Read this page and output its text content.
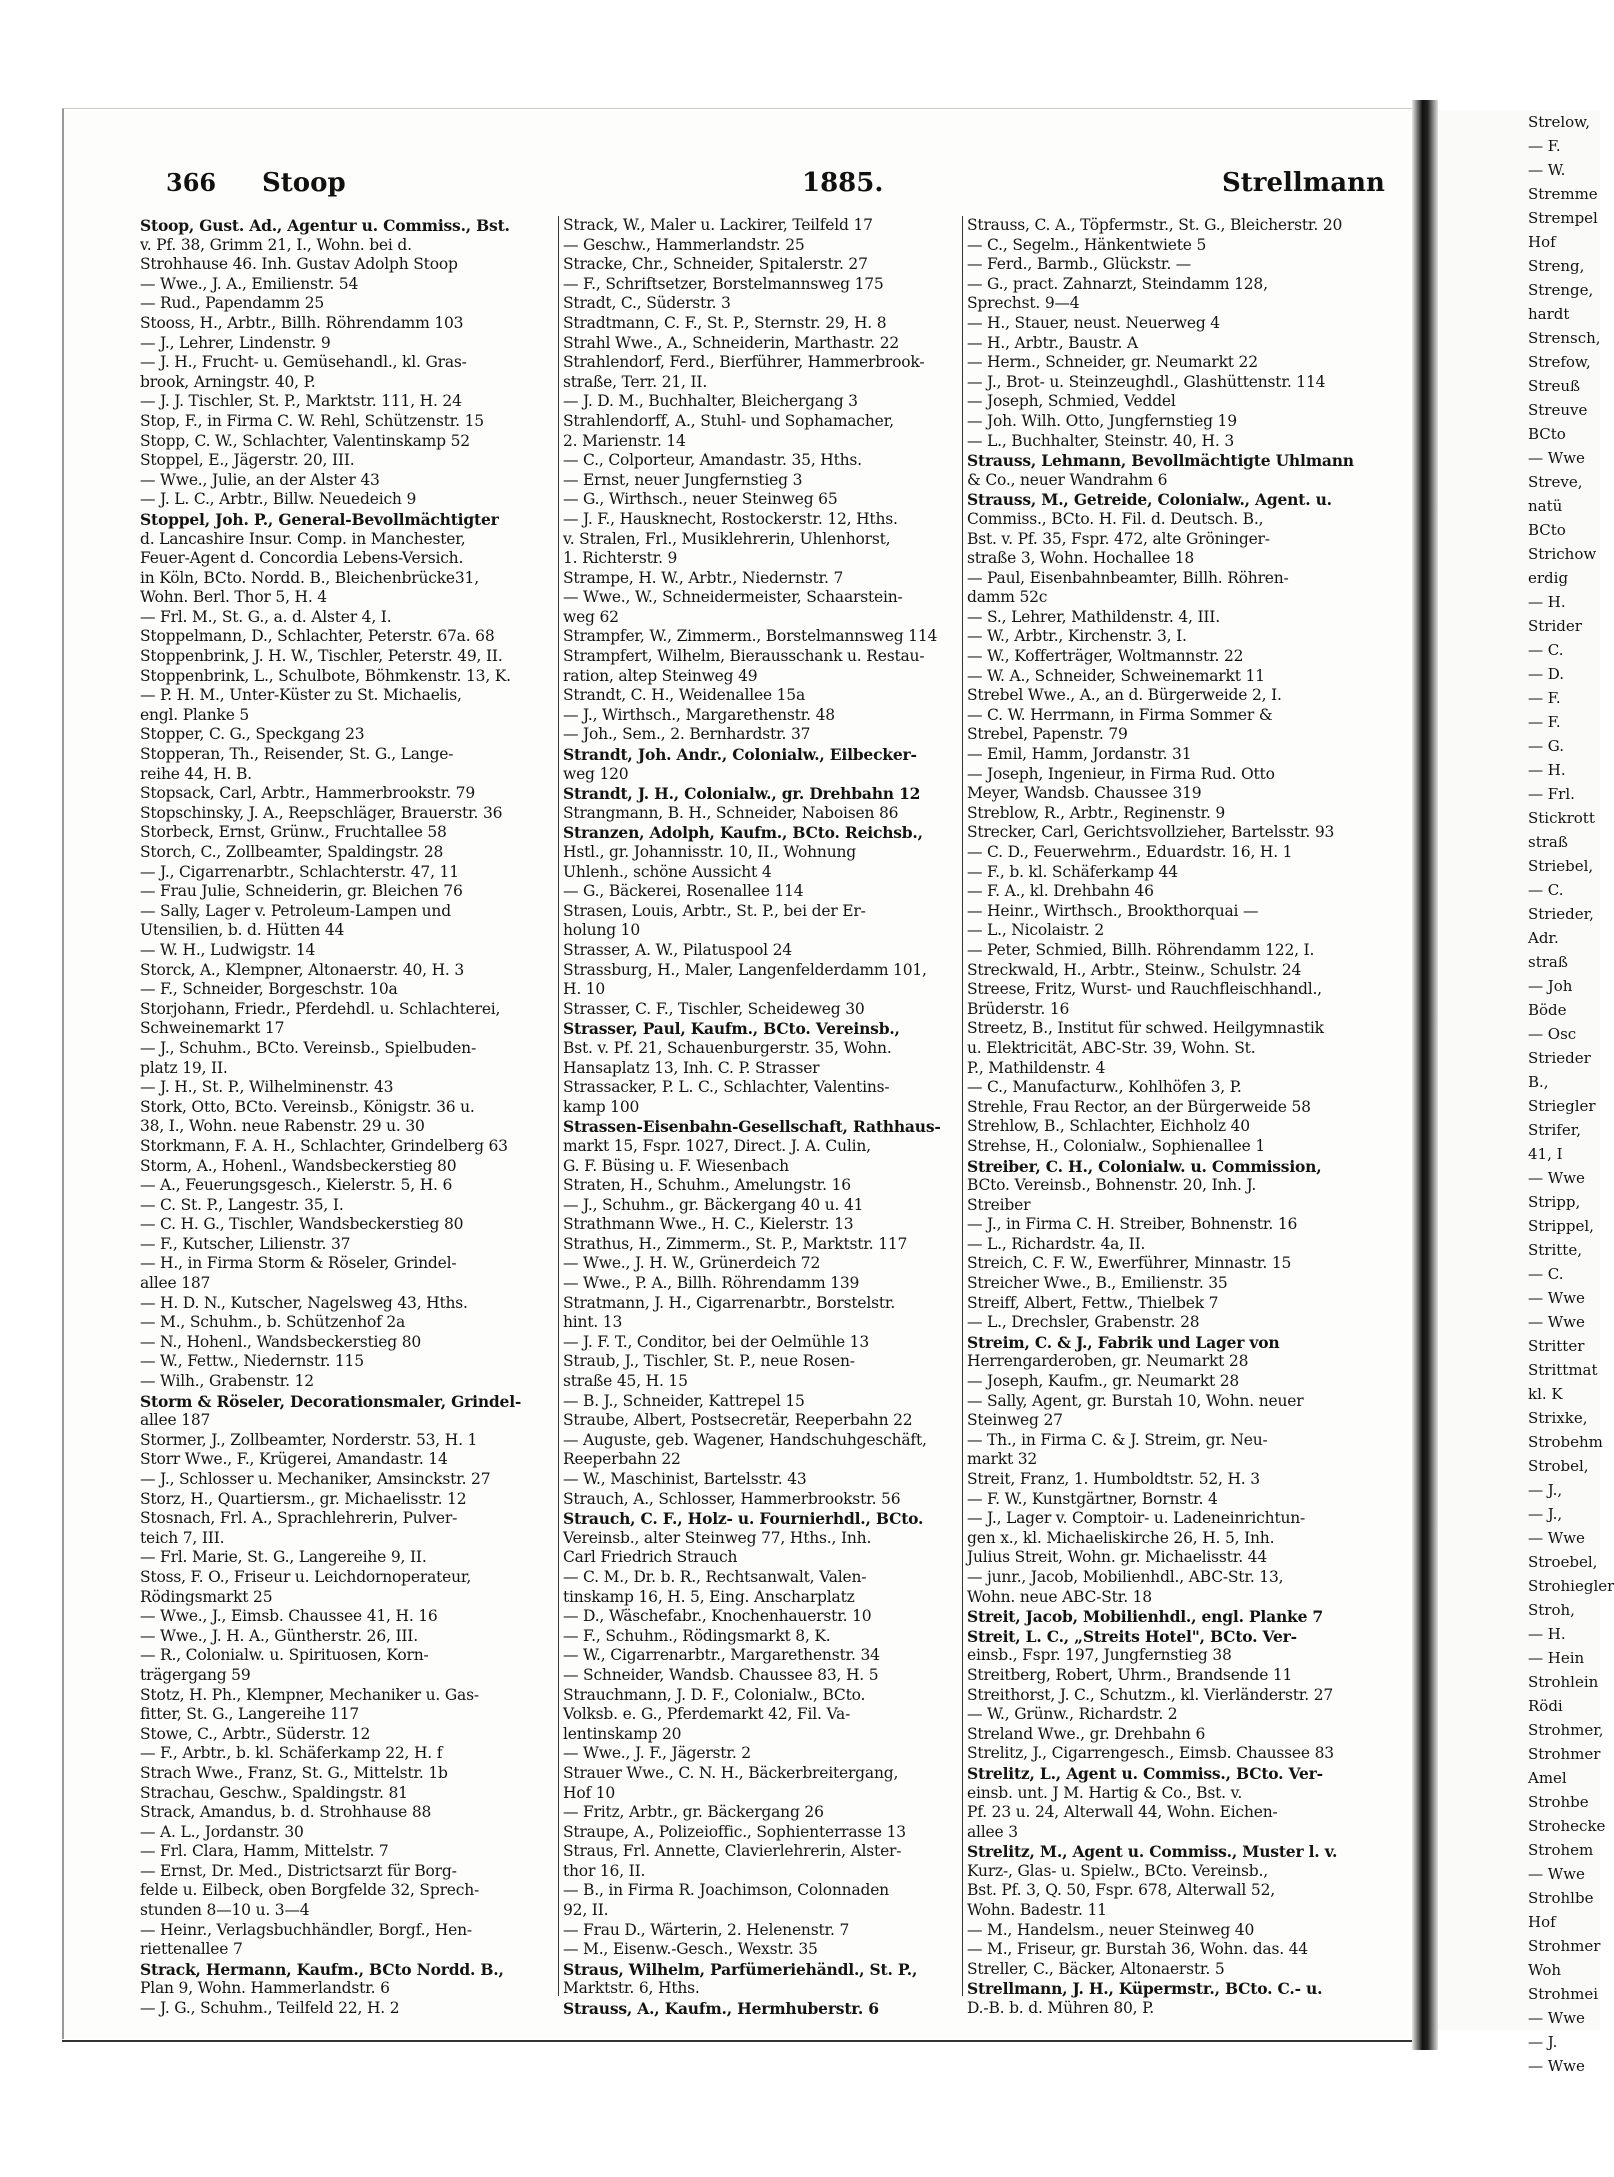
Strelow,
— F.
— W.
Stremme
Strempel
Hof
Streng,
Strenge,
hardt
Strensch,
Strefow,
Streuß
Streuve
BCto
— Wwe
Streve,
natü
BCto
Strichow
erdig
— H.
Strider
— C.
— D.
— F.
— F.
— G.
— H.
— Frl.
Stickrott
straß
Striebel,
— C.
Strieder,
Adr.
straß
— Joh
Böde
— Osc
Strieder
B.,
Striegler
Strifer,
41, I
— Wwe
Stripp,
Strippel,
Stritte,
— C.
— Wwe
— Wwe
Stritter
Strittmat
kl. K
Strixke,
Strobehm
Strobel,
— J.,
— J.,
— Wwe
Stroebel,
Strohiegler
Stroh,
— H.
— Hein
Strohlein
Rödi
Strohmer,
Strohmer
Amel
Strohbe
Strohecke
Strohem
— Wwe
Strohlbe
Hof
Strohmer
Woh
Strohmei
— Wwe
— J.
— Wwe
366 Stoop	1885.	Strellmann
Stoop, Gust. Ad., Agentur u. Commiss., Bst.
v. Pf. 38, Grimm 21, I., Wohn. bei d.
Strohhause 46. Inh. Gustav Adolph Stoop
— Wwe., J. A., Emilienstr. 54
— Rud., Papendamm 25
Stooss, H., Arbtr., Billh. Röhrendamm 103
— J., Lehrer, Lindenstr. 9
— J. H., Frucht- u. Gemüsehandl., kl. Gras-
brook, Arningstr. 40, P.
— J. J. Tischler, St. P., Marktstr. 111, H. 24
Stop, F., in Firma C. W. Rehl, Schützenstr. 15
Stopp, C. W., Schlachter, Valentinskamp 52
Stoppel, E., Jägerstr. 20, III.
— Wwe., Julie, an der Alster 43
— J. L. C., Arbtr., Billw. Neuedeich 9
Stoppel, Joh. P., General-Bevollmächtigter
d. Lancashire Insur. Comp. in Manchester,
Feuer-Agent d. Concordia Lebens-Versich.
in Köln, BCto. Nordd. B., Bleichenbrücke31,
Wohn. Berl. Thor 5, H. 4
— Frl. M., St. G., a. d. Alster 4, I.
Stoppelmann, D., Schlachter, Peterstr. 67a. 68
Stoppenbrink, J. H. W., Tischler, Peterstr. 49, II.
Stoppenbrink, L., Schulbote, Böhmkenstr. 13, K.
— P. H. M., Unter-Küster zu St. Michaelis,
engl. Planke 5
Stopper, C. G., Speckgang 23
Stopperan, Th., Reisender, St. G., Lange-
reihe 44, H. B.
Stopsack, Carl, Arbtr., Hammerbrookstr. 79
Stopschinsky, J. A., Reepschläger, Brauerstr. 36
Storbeck, Ernst, Grünw., Fruchtallee 58
Storch, C., Zollbeamter, Spaldingstr. 28
— J., Cigarrenarbtr., Schlachterstr. 47, 11
— Frau Julie, Schneiderin, gr. Bleichen 76
— Sally, Lager v. Petroleum-Lampen und
Utensilien, b. d. Hütten 44
— W. H., Ludwigstr. 14
Storck, A., Klempner, Altonaerstr. 40, H. 3
— F., Schneider, Borgeschstr. 10a
Storjohann, Friedr., Pferdehdl. u. Schlachterei,
Schweinemarkt 17
— J., Schuhm., BCto. Vereinsb., Spielbuden-
platz 19, II.
— J. H., St. P., Wilhelminenstr. 43
Stork, Otto, BCto. Vereinsb., Königstr. 36 u.
38, I., Wohn. neue Rabenstr. 29 u. 30
Storkmann, F. A. H., Schlachter, Grindelberg 63
Storm, A., Hohenl., Wandsbeckerstieg 80
— A., Feuerungsgesch., Kielerstr. 5, H. 6
— C. St. P., Langestr. 35, I.
— C. H. G., Tischler, Wandsbeckerstieg 80
— F., Kutscher, Lilienstr. 37
— H., in Firma Storm & Röseler, Grindel-
allee 187
— H. D. N., Kutscher, Nagelsweg 43, Hths.
— M., Schuhm., b. Schützenhof 2a
— N., Hohenl., Wandsbeckerstieg 80
— W., Fettw., Niedernstr. 115
— Wilh., Grabenstr. 12
Storm & Röseler, Decorationsmaler, Grindel-
allee 187
Stormer, J., Zollbeamter, Norderstr. 53, H. 1
Storr Wwe., F., Krügerei, Amandastr. 14
— J., Schlosser u. Mechaniker, Amsinckstr. 27
Storz, H., Quartiersm., gr. Michaelisstr. 12
Stosnach, Frl. A., Sprachlehrerin, Pulver-
teich 7, III.
— Frl. Marie, St. G., Langereihe 9, II.
Stoss, F. O., Friseur u. Leichdornoperateur,
Rödingsmarkt 25
— Wwe., J., Eimsb. Chaussee 41, H. 16
— Wwe., J. H. A., Güntherstr. 26, III.
— R., Colonialw. u. Spirituosen, Korn-
trägergang 59
Stotz, H. Ph., Klempner, Mechaniker u. Gas-
fitter, St. G., Langereihe 117
Stowe, C., Arbtr., Süderstr. 12
— F., Arbtr., b. kl. Schäferkamp 22, H. f
Strach Wwe., Franz, St. G., Mittelstr. 1b
Strachau, Geschw., Spaldingstr. 81
Strack, Amandus, b. d. Strohhause 88
— A. L., Jordanstr. 30
— Frl. Clara, Hamm, Mittelstr. 7
— Ernst, Dr. Med., Districtsarzt für Borg-
felde u. Eilbeck, oben Borgfelde 32, Sprech-
stunden 8—10 u. 3—4
— Heinr., Verlagsbuchhändler, Borgf., Hen-
riettenallee 7
Strack, Hermann, Kaufm., BCto Nordd. B.,
Plan 9, Wohn. Hammerlandstr. 6
— J. G., Schuhm., Teilfeld 22, H. 2
Strack, W., Maler u. Lackirer, Teilfeld 17
— Geschw., Hammerlandstr. 25
Stracke, Chr., Schneider, Spitalerstr. 27
— F., Schriftsetzer, Borstelmannsweg 175
Stradt, C., Süderstr. 3
Stradtmann, C. F., St. P., Sternstr. 29, H. 8
Strahl Wwe., A., Schneiderin, Marthastr. 22
Strahlendorf, Ferd., Bierführer, Hammerbrook-
straße, Terr. 21, II.
— J. D. M., Buchhalter, Bleichergang 3
Strahlendorff, A., Stuhl- und Sophamacher,
2. Marienstr. 14
— C., Colporteur, Amandastr. 35, Hths.
— Ernst, neuer Jungfernstieg 3
— G., Wirthsch., neuer Steinweg 65
— J. F., Hausknecht, Rostockerstr. 12, Hths.
v. Stralen, Frl., Musiklehrerin, Uhlenhorst,
1. Richterstr. 9
Strampe, H. W., Arbtr., Niedernstr. 7
— Wwe., W., Schneidermeister, Schaarstein-
weg 62
Strampfer, W., Zimmerm., Borstelmannsweg 114
Strampfert, Wilhelm, Bierausschank u. Restau-
ration, altер Steinweg 49
Strandt, C. H., Weidenallee 15a
— J., Wirthsch., Margarethenstr. 48
— Joh., Sem., 2. Bernhardstr. 37
Strandt, Joh. Andr., Colonialw., Eilbecker-
weg 120
Strandt, J. H., Colonialw., gr. Drehbahn 12
Strangmann, B. H., Schneider, Naboisen 86
Stranzen, Adolph, Kaufm., BCto. Reichsb.,
Hstl., gr. Johannisstr. 10, II., Wohnung
Uhlenh., schöne Aussicht 4
— G., Bäckerei, Rosenallee 114
Strasen, Louis, Arbtr., St. P., bei der Er-
holung 10
Strasser, A. W., Pilatuspool 24
Strassburg, H., Maler, Langenfelderdamm 101,
H. 10
Strasser, C. F., Tischler, Scheideweg 30
Strasser, Paul, Kaufm., BCto. Vereinsb.,
Bst. v. Pf. 21, Schauenburgerstr. 35, Wohn.
Hansaplatz 13, Inh. C. P. Strasser
Strassacker, P. L. C., Schlachter, Valentins-
kamp 100
Strassen-Eisenbahn-Gesellschaft, Rathhaus-
markt 15, Fspr. 1027, Direct. J. A. Culin,
G. F. Büsing u. F. Wiesenbach
Straten, H., Schuhm., Amelungstr. 16
— J., Schuhm., gr. Bäckergang 40 u. 41
Strathmann Wwe., H. C., Kielerstr. 13
Strathus, H., Zimmerm., St. P., Marktstr. 117
— Wwe., J. H. W., Grünerdeich 72
— Wwe., P. A., Billh. Röhrendamm 139
Stratmann, J. H., Cigarrenarbtr., Borstelstr.
hint. 13
— J. F. T., Conditor, bei der Oelmühle 13
Straub, J., Tischler, St. P., neue Rosen-
straße 45, H. 15
— B. J., Schneider, Kattrepel 15
Straube, Albert, Postsecretär, Reeperbahn 22
— Auguste, geb. Wagener, Handschuhgeschäft,
Reeperbahn 22
— W., Maschinist, Bartelsstr. 43
Strauch, A., Schlosser, Hammerbrookstr. 56
Strauch, C. F., Holz- u. Fournierhdl., BCto.
Vereinsb., alter Steinweg 77, Hths., Inh.
Carl Friedrich Strauch
— C. M., Dr. b. R., Rechtsanwalt, Valen-
tinskamp 16, H. 5, Eing. Anscharplatz
— D., Wäschefabr., Knochenhauerstr. 10
— F., Schuhm., Rödingsmarkt 8, K.
— W., Cigarrenarbtr., Margarethenstr. 34
— Schneider, Wandsb. Chaussee 83, H. 5
Strauchmann, J. D. F., Colonialw., BCto.
Volksb. e. G., Pferdemarkt 42, Fil. Va-
lentinskamp 20
— Wwe., J. F., Jägerstr. 2
Strauer Wwe., C. N. H., Bäckerbreitergang,
Hof 10
— Fritz, Arbtr., gr. Bäckergang 26
Straupe, A., Polizeioffic., Sophienterrasse 13
Straus, Frl. Annette, Clavierlehrerin, Alster-
thor 16, II.
— B., in Firma R. Joachimson, Colonnaden
92, II.
— Frau D., Wärterin, 2. Helenenstr. 7
— M., Eisenw.-Gesch., Wexstr. 35
Straus, Wilhelm, Parfümeriehändl., St. P.,
Marktstr. 6, Hths.
Strauss, A., Kaufm., Hermhuberstr. 6
Strauss, C. A., Töpfermstr., St. G., Bleicherstr. 20
— C., Segelm., Hänkentwiete 5
— Ferd., Barmb., Glückstr. —
— G., pract. Zahnarzt, Steindamm 128,
Sprechst. 9—4
— H., Stauer, neust. Neuerweg 4
— H., Arbtr., Baustr. A
— Herm., Schneider, gr. Neumarkt 22
— J., Brot- u. Steinzeughdl., Glashüttenstr. 114
— Joseph, Schmied, Veddel
— Joh. Wilh. Otto, Jungfernstieg 19
— L., Buchhalter, Steinstr. 40, H. 3
Strauss, Lehmann, Bevollmächtigte Uhlmann
& Co., neuer Wandrahm 6
Strauss, M., Getreide, Colonialw., Agent. u.
Commiss., BCto. H. Fil. d. Deutsch. B.,
Bst. v. Pf. 35, Fspr. 472, alte Gröninger-
straße 3, Wohn. Hochallee 18
— Paul, Eisenbahnbeamter, Billh. Röhren-
damm 52c
— S., Lehrer, Mathildenstr. 4, III.
— W., Arbtr., Kirchenstr. 3, I.
— W., Kofferträger, Woltmannstr. 22
— W. A., Schneider, Schweinemarkt 11
Strebel Wwe., A., an d. Bürgerweide 2, I.
— C. W. Herrmann, in Firma Sommer &
Strebel, Papenstr. 79
— Emil, Hamm, Jordanstr. 31
— Joseph, Ingenieur, in Firma Rud. Otto
Meyer, Wandsb. Chaussee 319
Streblow, R., Arbtr., Reginenstr. 9
Strecker, Carl, Gerichtsvollzieher, Bartelsstr. 93
— C. D., Feuerwehrm., Eduardstr. 16, H. 1
— F., b. kl. Schäferkamp 44
— F. A., kl. Drehbahn 46
— Heinr., Wirthsch., Brookthorquai —
— L., Nicolaistr. 2
— Peter, Schmied, Billh. Röhrendamm 122, I.
Streckwald, H., Arbtr., Steinw., Schulstr. 24
Streese, Fritz, Wurst- und Rauchfleischhandl.,
Brüderstr. 16
Streetz, B., Institut für schwed. Heilgymnastik
u. Elektricität, ABC-Str. 39, Wohn. St.
P., Mathildenstr. 4
— C., Manufacturw., Kohlhöfen 3, P.
Strehle, Frau Rector, an der Bürgerweide 58
Strehlow, B., Schlachter, Eichholz 40
Strehse, H., Colonialw., Sophienallee 1
Streiber, C. H., Colonialw. u. Commission,
BCto. Vereinsb., Bohnenstr. 20, Inh. J.
Streiber
— J., in Firma C. H. Streiber, Bohnenstr. 16
— L., Richardstr. 4a, II.
Streich, C. F. W., Ewerführer, Minnastr. 15
Streicher Wwe., B., Emilienstr. 35
Streiff, Albert, Fettw., Thielbek 7
— L., Drechsler, Grabenstr. 28
Streim, C. & J., Fabrik und Lager von
Herrengarderoben, gr. Neumarkt 28
— Joseph, Kaufm., gr. Neumarkt 28
— Sally, Agent, gr. Burstah 10, Wohn. neuer
Steinweg 27
— Th., in Firma C. & J. Streim, gr. Neu-
markt 32
Streit, Franz, 1. Humboldtstr. 52, H. 3
— F. W., Kunstgärtner, Bornstr. 4
— J., Lager v. Comptoir- u. Ladeneinrichtun-
gen x., kl. Michaeliskirche 26, H. 5, Inh.
Julius Streit, Wohn. gr. Michaelisstr. 44
— junr., Jacob, Mobilienhdl., ABC-Str. 13,
Wohn. neue ABC-Str. 18
Streit, Jacob, Mobilienhdl., engl. Planke 7
Streit, L. C., „Streits Hotel", BCto. Ver-
einsb., Fspr. 197, Jungfernstieg 38
Streitberg, Robert, Uhrm., Brandsende 11
Streithorst, J. C., Schutzm., kl. Vierländerstr. 27
— W., Grünw., Richardstr. 2
Streland Wwe., gr. Drehbahn 6
Strelitz, J., Cigarrengesch., Eimsb. Chaussee 83
Strelitz, L., Agent u. Commiss., BCto. Ver-
einsb. unt. J M. Hartig & Co., Bst. v.
Pf. 23 u. 24, Alterwall 44, Wohn. Eichen-
allee 3
Strelitz, M., Agent u. Commiss., Muster l. v.
Kurz-, Glas- u. Spielw., BCto. Vereinsb.,
Bst. Pf. 3, Q. 50, Fspr. 678, Alterwall 52,
Wohn. Badestr. 11
— M., Handelsm., neuer Steinweg 40
— M., Friseur, gr. Burstah 36, Wohn. das. 44
Streller, C., Bäcker, Altonaerstr. 5
Strellmann, J. H., Küpermstr., BCto. C.- u.
D.-B. b. d. Mühren 80, P.
